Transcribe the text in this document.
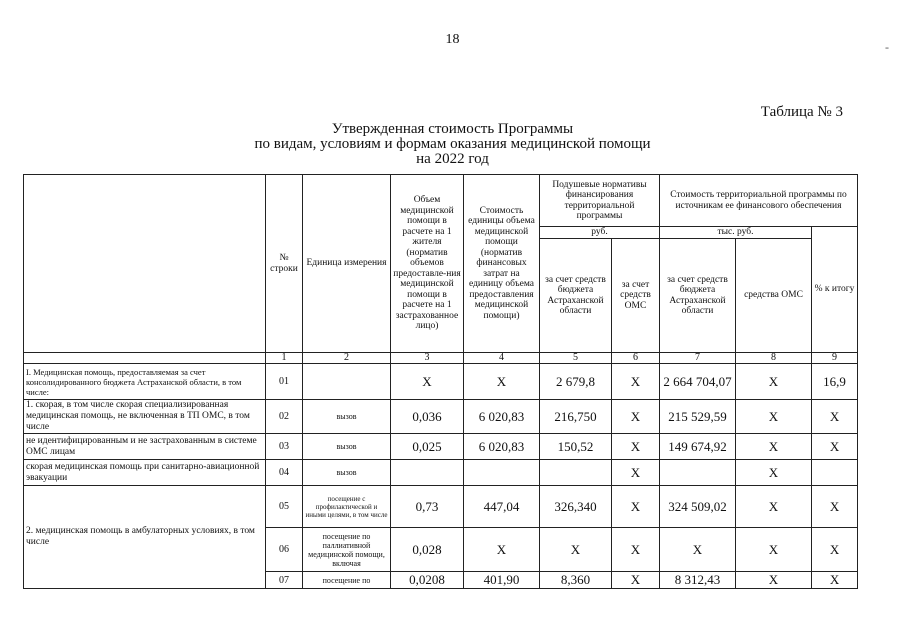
18	-
Таблица № 3
Утвержденная стоимость Программы
по видам, условиям и формам оказания медицинской помощи
на 2022 год
	№ строки	Единица измерения	Объем медицинской помощи в расчете на 1 жителя (норматив объемов предоставле-ния медицинской помощи в расчете на 1 застрахованное лицо)	Стоимость единицы объема медицинской помощи (норматив финансовых затрат на единицу объема предоставления медицинской помощи)	Подушевые нормативы финансирования территориальной программы		Стоимость территориальной программы по источникам ее финансового обеспечения		
					руб.		тыс. руб.		% к итогу
					за счет средств бюджета Астраханской области	за счет средств ОМС	за счет средств бюджета Астраханской области	средства ОМС	
	1	2	3	4	5	6	7	8	9
I. Медицинская помощь, предоставляемая за счет консолидированного бюджета Астраханской области, в том числе:	01		X	X	2 679,8	X	2 664 704,07	X	16,9
1. скорая, в том числе скорая специализированная медицинская помощь, не включенная в ТП ОМС, в том числе	02	вызов	0,036	6 020,83	216,750	X	215 529,59	X	X
не идентифицированным и не застрахованным в системе ОМС лицам	03	вызов	0,025	6 020,83	150,52	X	149 674,92	X	X
скорая медицинская помощь при санитарно-авиационной эвакуации	04	вызов				X		X	
2. медицинская помощь в амбулаторных условиях, в том числе	05	посещение с профилактической и иными целями, в том числе	0,73	447,04	326,340	X	324 509,02	X	X
	06	посещение по паллиативной медицинской помощи, включая	0,028	X	X	X	X	X	X
	07	посещение по	0,0208	401,90	8,360	X	8 312,43	X	X
